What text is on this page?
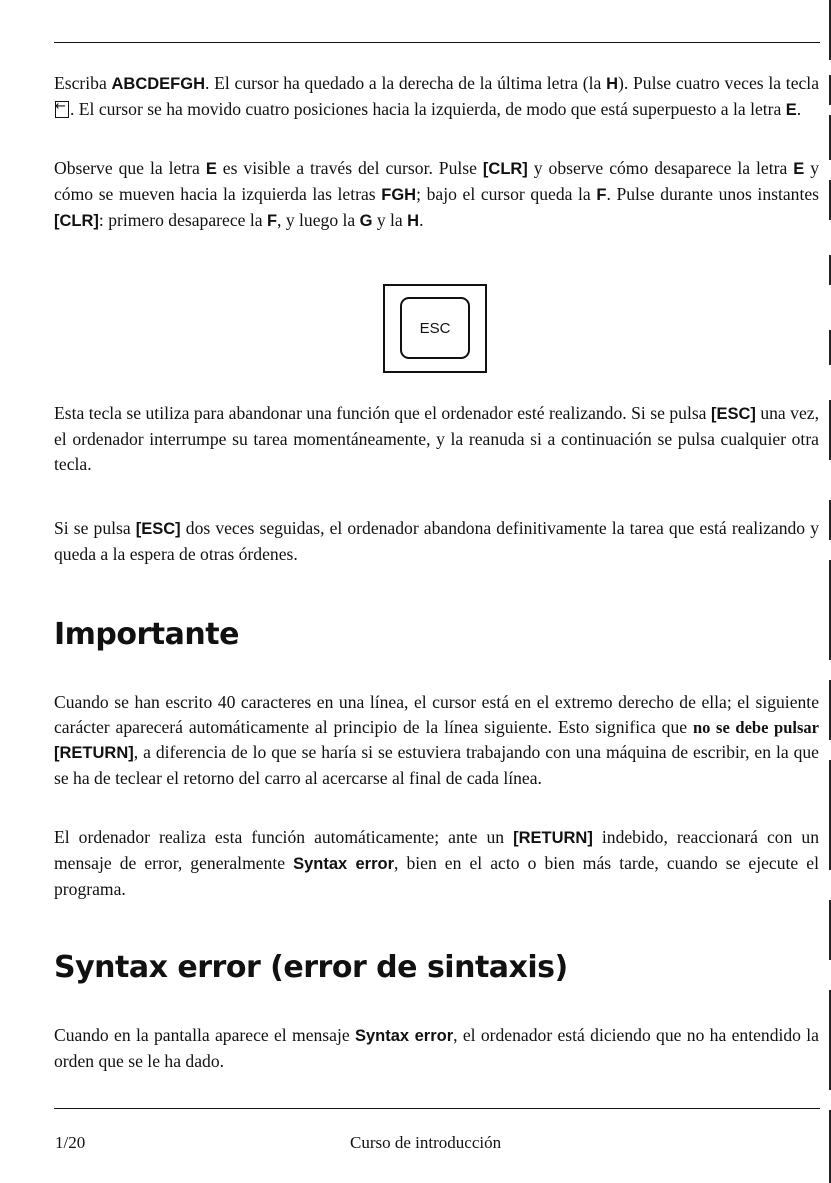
Escriba ABCDEFGH. El cursor ha quedado a la derecha de la última letra (la H). Pulse cuatro veces la tecla ←. El cursor se ha movido cuatro posiciones hacia la izquierda, de modo que está superpuesto a la letra E.

Observe que la letra E es visible a través del cursor. Pulse [CLR] y observe cómo desaparece la letra E y cómo se mueven hacia la izquierda las letras FGH; bajo el cursor queda la F. Pulse durante unos instantes [CLR]: primero desaparece la F, y luego la G y la H.

ESC

Esta tecla se utiliza para abandonar una función que el ordenador esté realizando. Si se pulsa [ESC] una vez, el ordenador interrumpe su tarea momentáneamente, y la reanuda si a continuación se pulsa cualquier otra tecla.

Si se pulsa [ESC] dos veces seguidas, el ordenador abandona definitivamente la tarea que está realizando y queda a la espera de otras órdenes.

Importante

Cuando se han escrito 40 caracteres en una línea, el cursor está en el extremo derecho de ella; el siguiente carácter aparecerá automáticamente al principio de la línea siguiente. Esto significa que no se debe pulsar [RETURN], a diferencia de lo que se haría si se estuviera trabajando con una máquina de escribir, en la que se ha de teclear el retorno del carro al acercarse al final de cada línea.

El ordenador realiza esta función automáticamente; ante un [RETURN] indebido, reaccionará con un mensaje de error, generalmente Syntax error, bien en el acto o bien más tarde, cuando se ejecute el programa.

Syntax error (error de sintaxis)

Cuando en la pantalla aparece el mensaje Syntax error, el ordenador está diciendo que no ha entendido la orden que se le ha dado.

1/20	Curso de introducción
